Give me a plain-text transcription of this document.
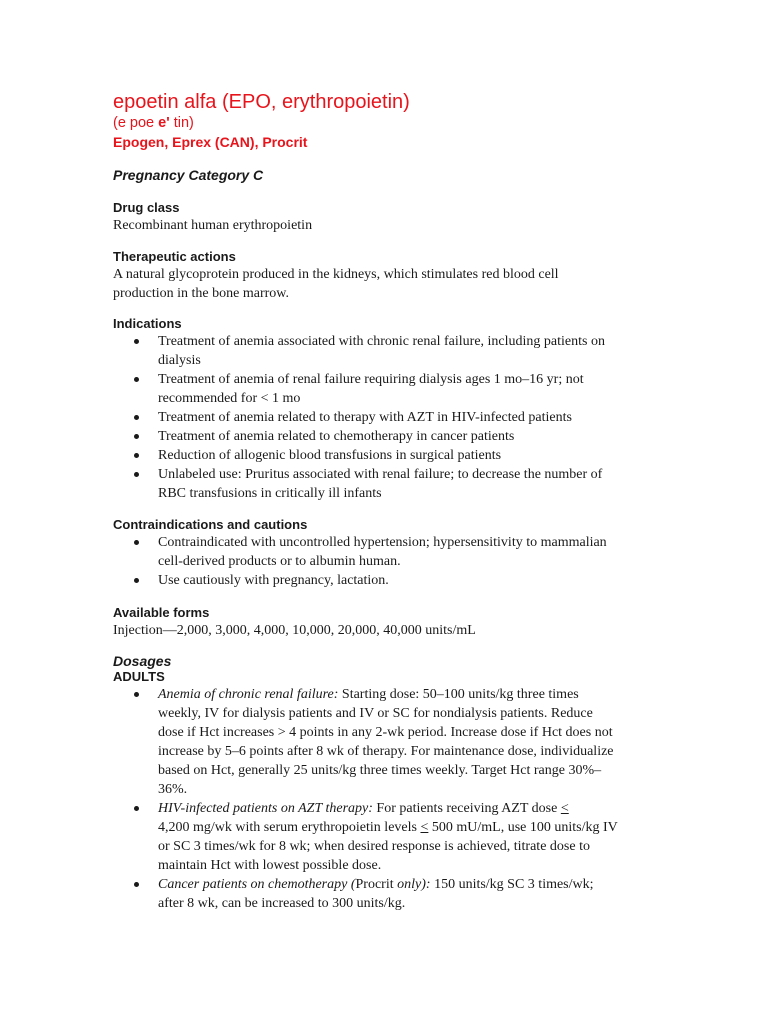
epoetin alfa (EPO, erythropoietin)

(e poe e' tin)

Epogen, Eprex (CAN), Procrit

Pregnancy Category C

Drug class

Recombinant human erythropoietin

Therapeutic actions

A natural glycoprotein produced in the kidneys, which stimulates red blood cell

production in the bone marrow.

Indications

Treatment of anemia associated with chronic renal failure, including patients on
dialysis
Treatment of anemia of renal failure requiring dialysis ages 1 mo–16 yr; not
recommended for < 1 mo
Treatment of anemia related to therapy with AZT in HIV-infected patients
Treatment of anemia related to chemotherapy in cancer patients
Reduction of allogenic blood transfusions in surgical patients
Unlabeled use: Pruritus associated with renal failure; to decrease the number of
RBC transfusions in critically ill infants

Contraindications and cautions

Contraindicated with uncontrolled hypertension; hypersensitivity to mammalian
cell-derived products or to albumin human.
Use cautiously with pregnancy, lactation.

Available forms

Injection—2,000, 3,000, 4,000, 10,000, 20,000, 40,000 units/mL

Dosages

ADULTS

Anemia of chronic renal failure: Starting dose: 50–100 units/kg three times
weekly, IV for dialysis patients and IV or SC for nondialysis patients. Reduce
dose if Hct increases > 4 points in any 2-wk period. Increase dose if Hct does not
increase by 5–6 points after 8 wk of therapy. For maintenance dose, individualize
based on Hct, generally 25 units/kg three times weekly. Target Hct range 30%–
36%.
HIV-infected patients on AZT therapy: For patients receiving AZT dose <
4,200 mg/wk with serum erythropoietin levels < 500 mU/mL, use 100 units/kg IV
or SC 3 times/wk for 8 wk; when desired response is achieved, titrate dose to
maintain Hct with lowest possible dose.
Cancer patients on chemotherapy (Procrit only): 150 units/kg SC 3 times/wk;
after 8 wk, can be increased to 300 units/kg.
